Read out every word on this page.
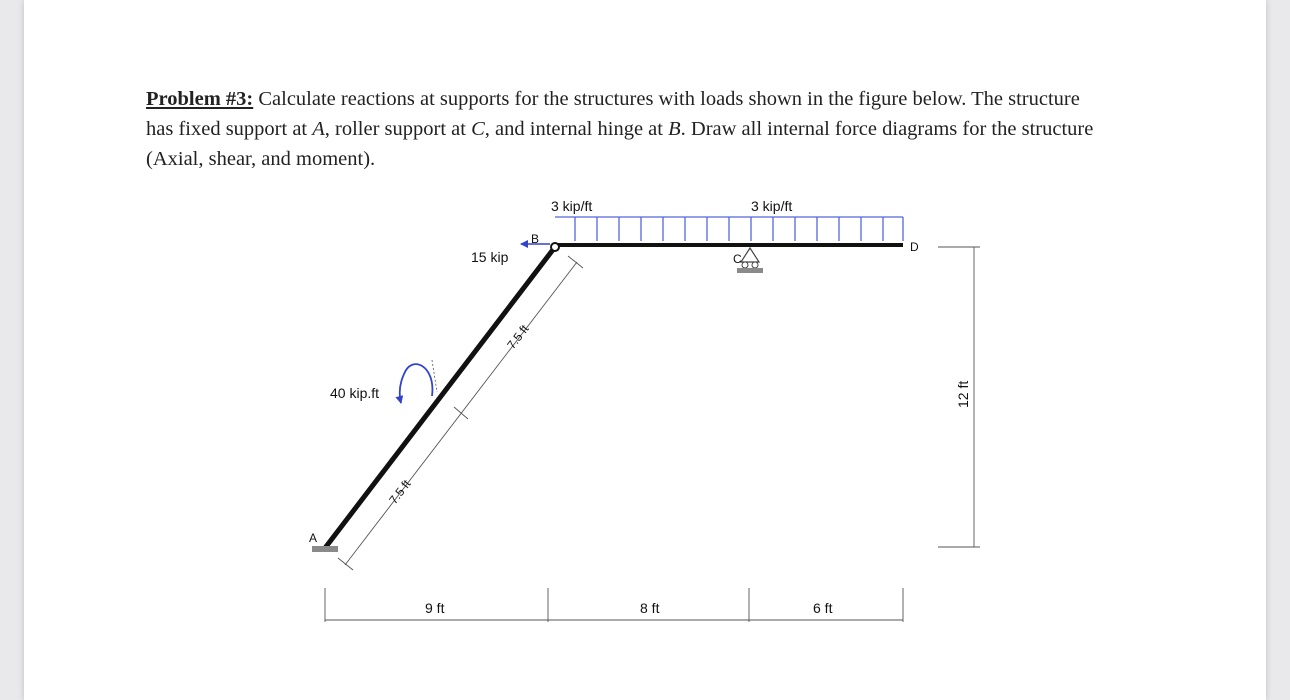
Problem #3: Calculate reactions at supports for the structures with loads shown in the figure below. The structure has fixed support at A, roller support at C, and internal hinge at B. Draw all internal force diagrams for the structure (Axial, shear, and moment).
3 kip/ft	3 kip/ft
15 kip
40 kip.ft
B
C
D
A
7.5 ft
7.5 ft
9 ft	8 ft	6 ft
12 ft
